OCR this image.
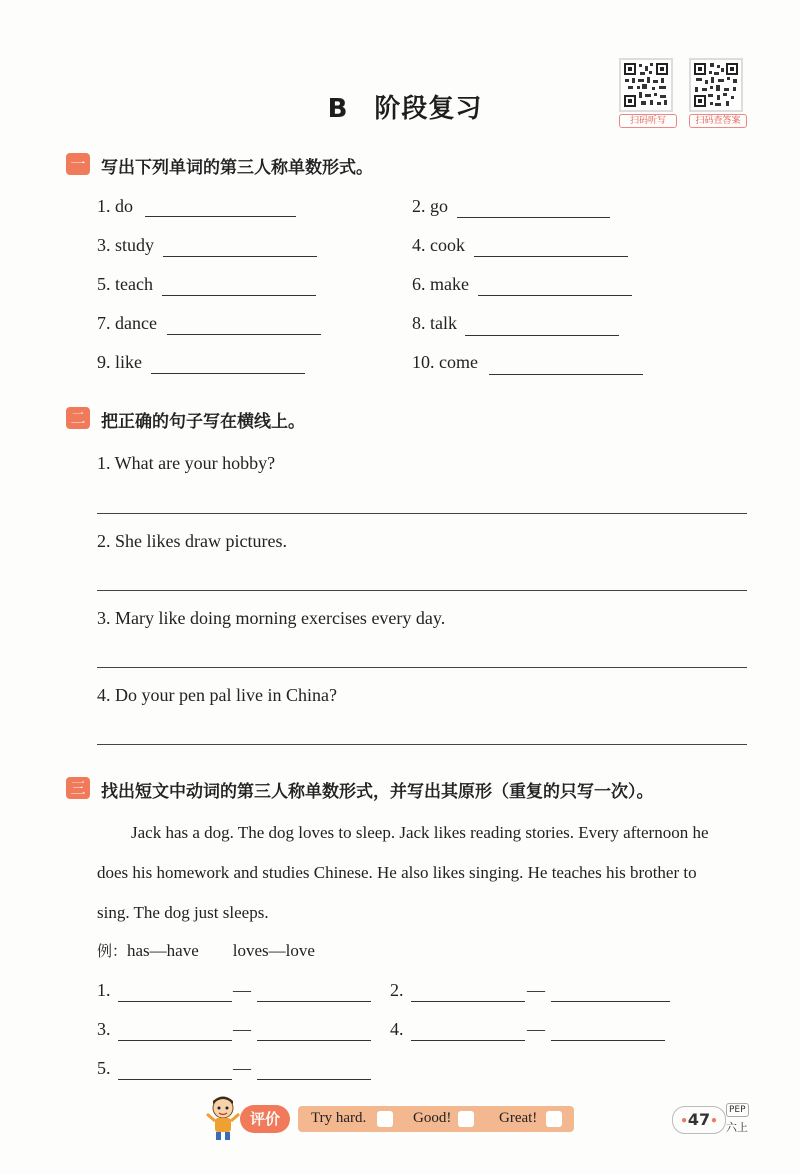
B 阶段复习	扫码听写	扫码查答案
一 写出下列单词的第三人称单数形式。
1. do	2. go
3. study	4. cook
5. teach	6. make
7. dance	8. talk
9. like	10. come
二 把正确的句子写在横线上。
1. What are your hobby?
2. She likes draw pictures.
3. Mary like doing morning exercises every day.
4. Do your pen pal live in China?
三 找出短文中动词的第三人称单数形式，并写出其原形（重复的只写一次）。
Jack has a dog. The dog loves to sleep. Jack likes reading stories. Every afternoon he does his homework and studies Chinese. He also likes singing. He teaches his brother to sing. The dog just sleeps.
例：has—have loves—love
1.	—	2.	—
3.	—	4.	—
5.	—
评价	Try hard.	Good!	Great!	•47•
PEP
六上
